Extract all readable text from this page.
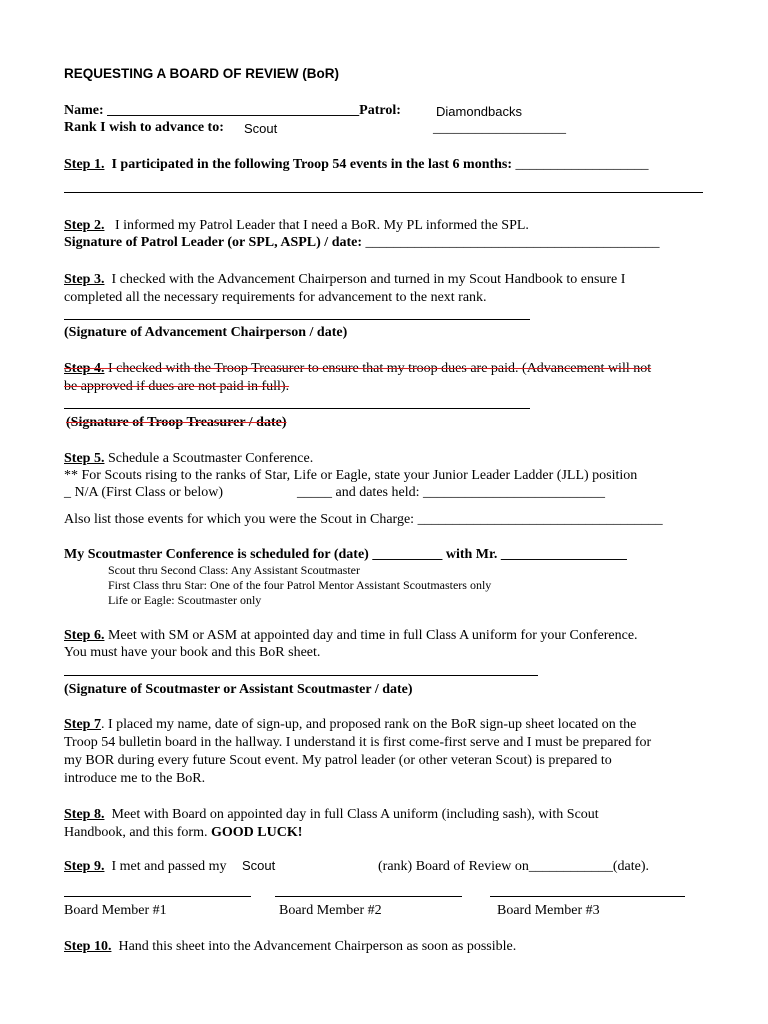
REQUESTING A BOARD OF REVIEW (BoR)
Name: ____________________________________Patrol:	Diamondbacks
Rank I wish to advance to: Scout	___________________
Step 1. I participated in the following Troop 54 events in the last 6 months: ___________________
Step 2. I informed my Patrol Leader that I need a BoR. My PL informed the SPL.
Signature of Patrol Leader (or SPL, ASPL) / date: __________________________________________
Step 3. I checked with the Advancement Chairperson and turned in my Scout Handbook to ensure I
completed all the necessary requirements for advancement to the next rank.
(Signature of Advancement Chairperson / date)
Step 4. I checked with the Troop Treasurer to ensure that my troop dues are paid. (Advancement will not
be approved if dues are not paid in full).
(Signature of Troop Treasurer / date)
Step 5. Schedule a Scoutmaster Conference.
** For Scouts rising to the ranks of Star, Life or Eagle, state your Junior Leader Ladder (JLL) position
_ N/A (First Class or below)	_____ and dates held: __________________________
Also list those events for which you were the Scout in Charge: ___________________________________
My Scoutmaster Conference is scheduled for (date) __________ with Mr. __________________
Scout thru Second Class: Any Assistant Scoutmaster
First Class thru Star: One of the four Patrol Mentor Assistant Scoutmasters only
Life or Eagle: Scoutmaster only
Step 6. Meet with SM or ASM at appointed day and time in full Class A uniform for your Conference.
You must have your book and this BoR sheet.
(Signature of Scoutmaster or Assistant Scoutmaster / date)
Step 7. I placed my name, date of sign-up, and proposed rank on the BoR sign-up sheet located on the
Troop 54 bulletin board in the hallway. I understand it is first come-first serve and I must be prepared for
my BOR during every future Scout event. My patrol leader (or other veteran Scout) is prepared to
introduce me to the BoR.
Step 8. Meet with Board on appointed day in full Class A uniform (including sash), with Scout
Handbook, and this form. GOOD LUCK!
Step 9. I met and passed my Scout	(rank) Board of Review on____________(date).
Board Member #1	Board Member #2	Board Member #3
Step 10. Hand this sheet into the Advancement Chairperson as soon as possible.
